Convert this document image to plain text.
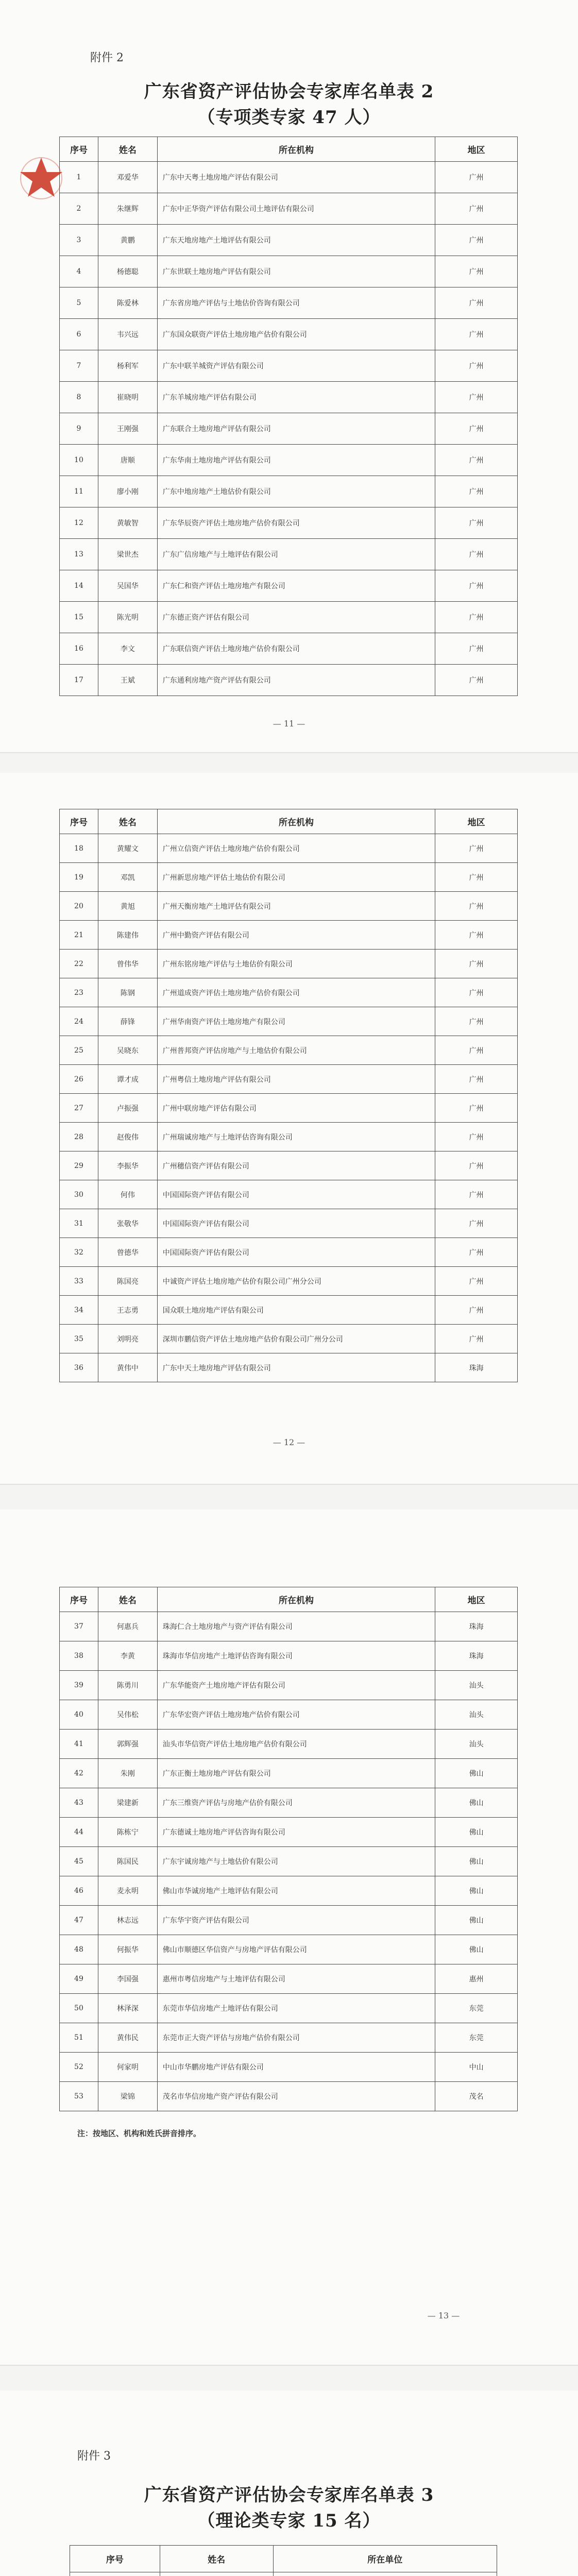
附件 2
广东省资产评估协会专家库名单表 2
（专项类专家 47 人）
序号	姓名	所在机构	地区
1	邓爱华	广东中天粤土地房地产评估有限公司	广州
2	朱继辉	广东中正华资产评估有限公司土地评估有限公司	广州
3	黄鹏	广东天地房地产土地评估有限公司	广州
4	杨德聪	广东世联土地房地产评估有限公司	广州
5	陈爱林	广东省房地产评估与土地估价咨询有限公司	广州
6	韦兴远	广东国众联资产评估土地房地产估价有限公司	广州
7	杨利军	广东中联羊城资产评估有限公司	广州
8	崔晓明	广东羊城房地产评估有限公司	广州
9	王刚强	广东联合土地房地产评估有限公司	广州
10	唐顺	广东华南土地房地产评估有限公司	广州
11	廖小刚	广东中地房地产土地估价有限公司	广州
12	黄敏智	广东华辰资产评估土地房地产估价有限公司	广州
13	梁世杰	广东广信房地产与土地评估有限公司	广州
14	吴国华	广东仁和资产评估土地房地产有限公司	广州
15	陈光明	广东德正资产评估有限公司	广州
16	李文	广东联信资产评估土地房地产估价有限公司	广州
17	王斌	广东通利房地产资产评估有限公司	广州
— 11 —
序号	姓名	所在机构	地区
18	黄耀文	广州立信资产评估土地房地产估价有限公司	广州
19	邓凯	广州新思房地产评估土地估价有限公司	广州
20	黄旭	广州天衡房地产土地评估有限公司	广州
21	陈建伟	广州中勤资产评估有限公司	广州
22	曾伟华	广州东铭房地产评估与土地估价有限公司	广州
23	陈钢	广州道成资产评估土地房地产估价有限公司	广州
24	薛锋	广州华南资产评估土地房地产有限公司	广州
25	吴晓东	广州普邦资产评估房地产与土地估价有限公司	广州
26	谭才成	广州粤信土地房地产评估有限公司	广州
27	卢振强	广州中联房地产评估有限公司	广州
28	赵俊伟	广州瑞诚房地产与土地评估咨询有限公司	广州
29	李振华	广州穗信资产评估有限公司	广州
30	何伟	中国国际资产评估有限公司	广州
31	张敬华	中国国际资产评估有限公司	广州
32	曾德华	中国国际资产评估有限公司	广州
33	陈国亮	中诚资产评估土地房地产估价有限公司广州分公司	广州
34	王志勇	国众联土地房地产评估有限公司	广州
35	刘明亮	深圳市鹏信资产评估土地房地产估价有限公司广州分公司	广州
36	黄伟中	广东中天土地房地产评估有限公司	珠海
— 12 —
序号	姓名	所在机构	地区
37	何惠兵	珠海仁合土地房地产与资产评估有限公司	珠海
38	李黄	珠海市华信房地产土地评估咨询有限公司	珠海
39	陈勇川	广东华能资产土地房地产评估有限公司	汕头
40	吴伟松	广东华宏资产评估土地房地产估价有限公司	汕头
41	郭辉强	汕头市华信资产评估土地房地产估价有限公司	汕头
42	朱刚	广东正衡土地房地产评估有限公司	佛山
43	梁建新	广东三维资产评估与房地产估价有限公司	佛山
44	陈栋宁	广东德诚土地房地产评估咨询有限公司	佛山
45	陈国民	广东宇诚房地产与土地估价有限公司	佛山
46	麦永明	佛山市华诚房地产土地评估有限公司	佛山
47	林志远	广东华宇资产评估有限公司	佛山
48	何振华	佛山市顺德区华信资产与房地产评估有限公司	佛山
49	李国强	惠州市粤信房地产与土地评估有限公司	惠州
50	林泽深	东莞市华信房地产土地评估有限公司	东莞
51	黄伟民	东莞市正大资产评估与房地产估价有限公司	东莞
52	何家明	中山市华鹏房地产评估有限公司	中山
53	梁锦	茂名市华信房地产资产评估有限公司	茂名
注：按地区、机构和姓氏拼音排序。
— 13 —
附件 3
广东省资产评估协会专家库名单表 3
（理论类专家 15 名）
序号	姓名	所在单位
